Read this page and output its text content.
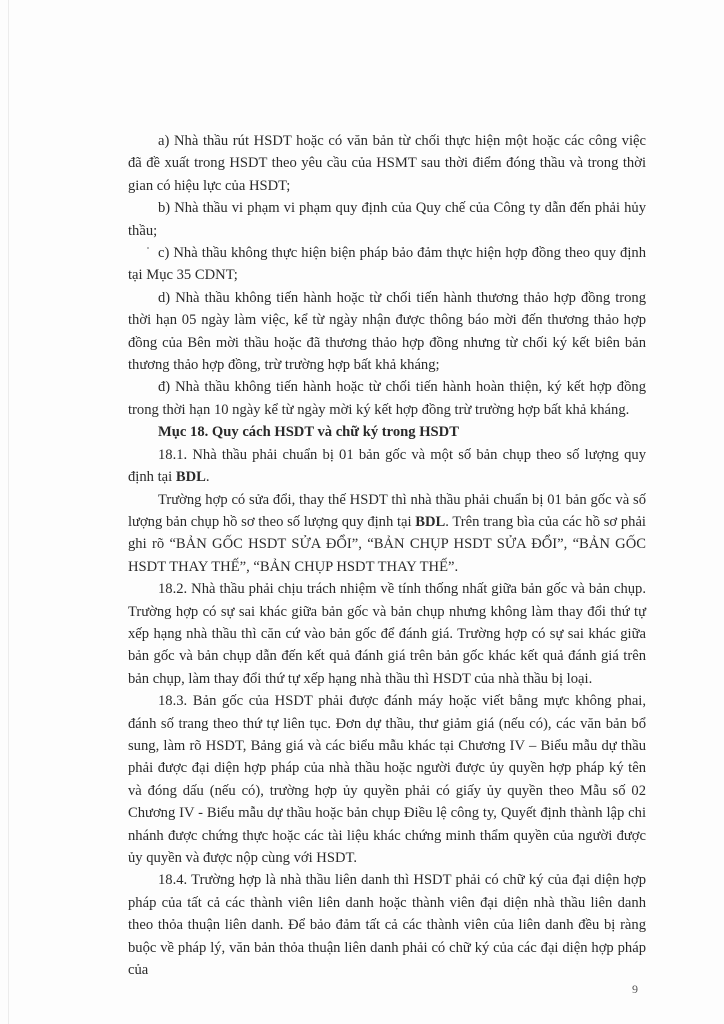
a) Nhà thầu rút HSDT hoặc có văn bản từ chối thực hiện một hoặc các công việc đã đề xuất trong HSDT theo yêu cầu của HSMT sau thời điểm đóng thầu và trong thời gian có hiệu lực của HSDT;

b) Nhà thầu vi phạm vi phạm quy định của Quy chế của Công ty dẫn đến phải hủy thầu;

c) Nhà thầu không thực hiện biện pháp bảo đảm thực hiện hợp đồng theo quy định tại Mục 35 CDNT;

d) Nhà thầu không tiến hành hoặc từ chối tiến hành thương thảo hợp đồng trong thời hạn 05 ngày làm việc, kể từ ngày nhận được thông báo mời đến thương thảo hợp đồng của Bên mời thầu hoặc đã thương thảo hợp đồng nhưng từ chối ký kết biên bản thương thảo hợp đồng, trừ trường hợp bất khả kháng;

đ) Nhà thầu không tiến hành hoặc từ chối tiến hành hoàn thiện, ký kết hợp đồng trong thời hạn 10 ngày kể từ ngày mời ký kết hợp đồng trừ trường hợp bất khả kháng.

Mục 18. Quy cách HSDT và chữ ký trong HSDT

18.1. Nhà thầu phải chuẩn bị 01 bản gốc và một số bản chụp theo số lượng quy định tại BDL.

Trường hợp có sửa đổi, thay thế HSDT thì nhà thầu phải chuẩn bị 01 bản gốc và số lượng bản chụp hồ sơ theo số lượng quy định tại BDL. Trên trang bìa của các hồ sơ phải ghi rõ “BẢN GỐC HSDT SỬA ĐỔI”, “BẢN CHỤP HSDT SỬA ĐỔI”, “BẢN GỐC HSDT THAY THẾ”, “BẢN CHỤP HSDT THAY THẾ”.

18.2. Nhà thầu phải chịu trách nhiệm về tính thống nhất giữa bản gốc và bản chụp. Trường hợp có sự sai khác giữa bản gốc và bản chụp nhưng không làm thay đổi thứ tự xếp hạng nhà thầu thì căn cứ vào bản gốc để đánh giá. Trường hợp có sự sai khác giữa bản gốc và bản chụp dẫn đến kết quả đánh giá trên bản gốc khác kết quả đánh giá trên bản chụp, làm thay đổi thứ tự xếp hạng nhà thầu thì HSDT của nhà thầu bị loại.

18.3. Bản gốc của HSDT phải được đánh máy hoặc viết bằng mực không phai, đánh số trang theo thứ tự liên tục. Đơn dự thầu, thư giảm giá (nếu có), các văn bản bổ sung, làm rõ HSDT, Bảng giá và các biểu mẫu khác tại Chương IV – Biểu mẫu dự thầu phải được đại diện hợp pháp của nhà thầu hoặc người được ủy quyền hợp pháp ký tên và đóng dấu (nếu có), trường hợp ủy quyền phải có giấy ủy quyền theo Mẫu số 02 Chương IV - Biểu mẫu dự thầu hoặc bản chụp Điều lệ công ty, Quyết định thành lập chi nhánh được chứng thực hoặc các tài liệu khác chứng minh thẩm quyền của người được ủy quyền và được nộp cùng với HSDT.

18.4. Trường hợp là nhà thầu liên danh thì HSDT phải có chữ ký của đại diện hợp pháp của tất cả các thành viên liên danh hoặc thành viên đại diện nhà thầu liên danh theo thỏa thuận liên danh. Để bảo đảm tất cả các thành viên của liên danh đều bị ràng buộc về pháp lý, văn bản thỏa thuận liên danh phải có chữ ký của các đại diện hợp pháp của

9
